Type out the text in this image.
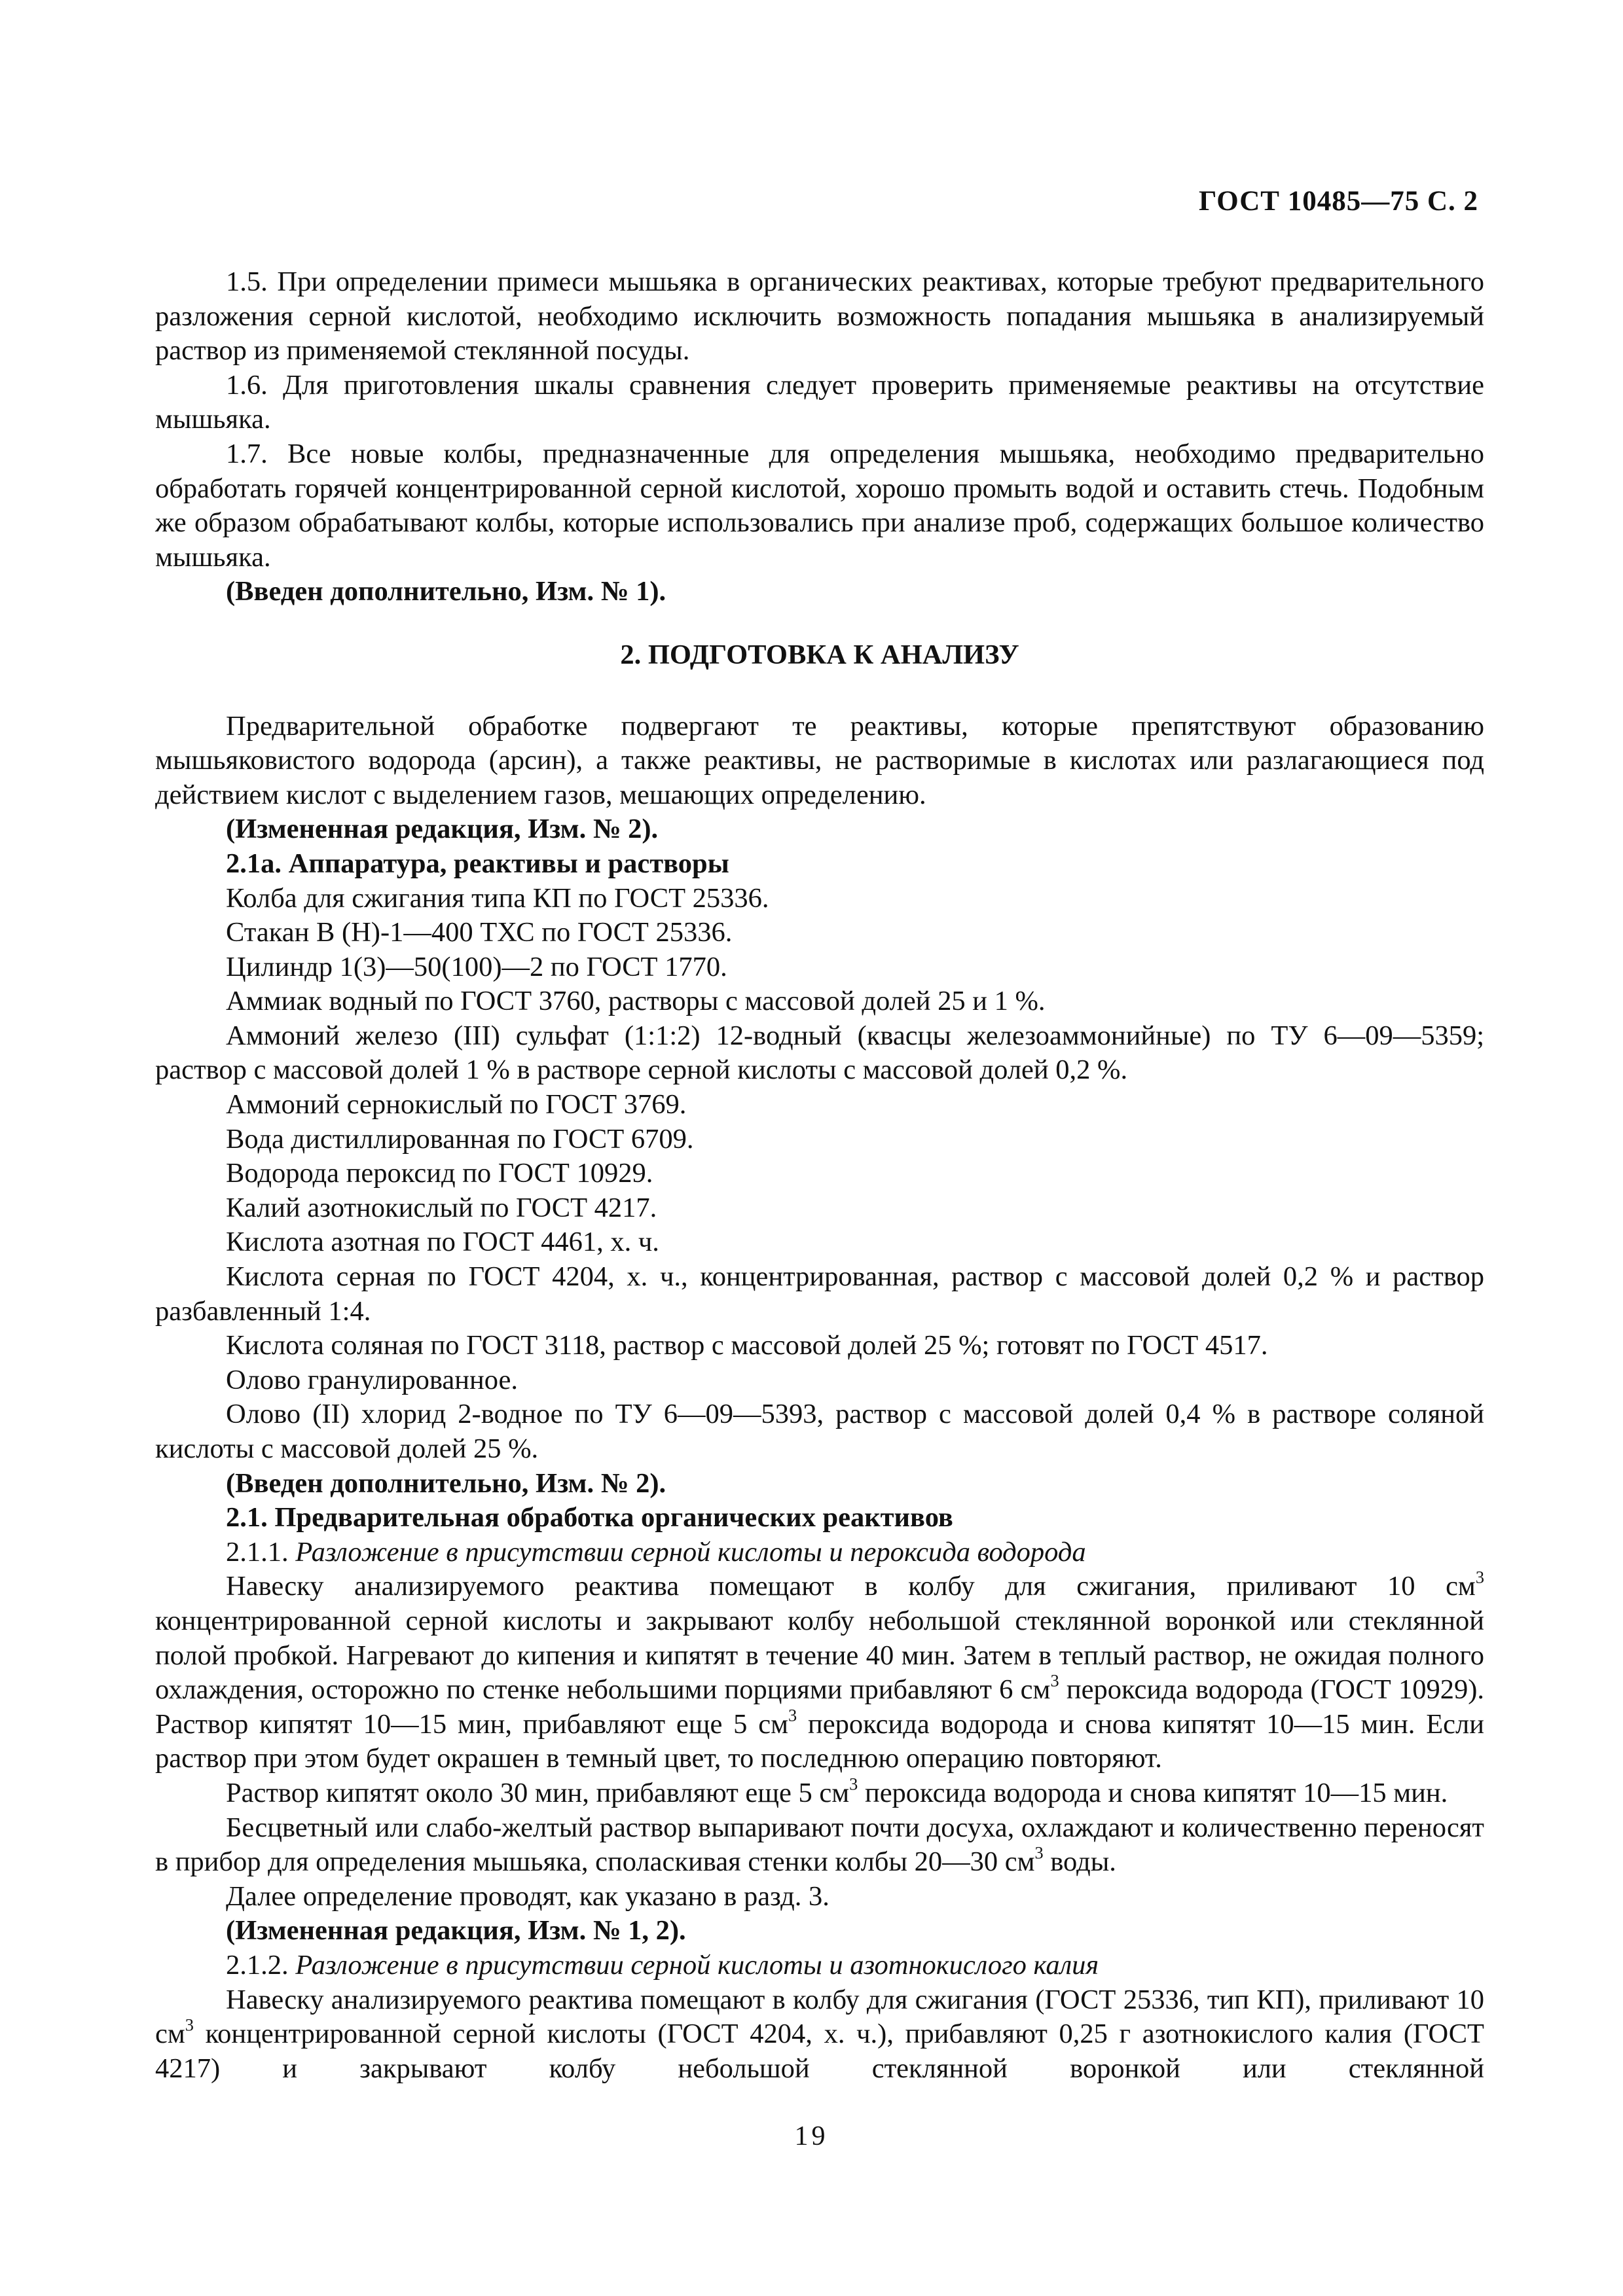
ГОСТ 10485—75 С. 2

1.5. При определении примеси мышьяка в органических реактивах, которые требуют предварительного разложения серной кислотой, необходимо исключить возможность попадания мышьяка в анализируемый раствор из применяемой стеклянной посуды.

1.6. Для приготовления шкалы сравнения следует проверить применяемые реактивы на отсутствие мышьяка.

1.7. Все новые колбы, предназначенные для определения мышьяка, необходимо предварительно обработать горячей концентрированной серной кислотой, хорошо промыть водой и оставить стечь. Подобным же образом обрабатывают колбы, которые использовались при анализе проб, содержащих большое количество мышьяка.

(Введен дополнительно, Изм. № 1).

2. ПОДГОТОВКА К АНАЛИЗУ

Предварительной обработке подвергают те реактивы, которые препятствуют образованию мышьяковистого водорода (арсин), а также реактивы, не растворимые в кислотах или разлагающиеся под действием кислот с выделением газов, мешающих определению.

(Измененная редакция, Изм. № 2).

2.1а. Аппаратура, реактивы и растворы

Колба для сжигания типа КП по ГОСТ 25336.

Стакан В (Н)-1—400 ТХС по ГОСТ 25336.

Цилиндр 1(3)—50(100)—2 по ГОСТ 1770.

Аммиак водный по ГОСТ 3760, растворы с массовой долей 25 и 1 %.

Аммоний железо (III) сульфат (1:1:2) 12-водный (квасцы железоаммонийные) по ТУ 6—09—5359; раствор с массовой долей 1 % в растворе серной кислоты с массовой долей 0,2 %.

Аммоний сернокислый по ГОСТ 3769.

Вода дистиллированная по ГОСТ 6709.

Водорода пероксид по ГОСТ 10929.

Калий азотнокислый по ГОСТ 4217.

Кислота азотная по ГОСТ 4461, х. ч.

Кислота серная по ГОСТ 4204, х. ч., концентрированная, раствор с массовой долей 0,2 % и раствор разбавленный 1:4.

Кислота соляная по ГОСТ 3118, раствор с массовой долей 25 %; готовят по ГОСТ 4517.

Олово гранулированное.

Олово (II) хлорид 2-водное по ТУ 6—09—5393, раствор с массовой долей 0,4 % в растворе соляной кислоты с массовой долей 25 %.

(Введен дополнительно, Изм. № 2).

2.1. Предварительная обработка органических реактивов

2.1.1. Разложение в присутствии серной кислоты и пероксида водорода

Навеску анализируемого реактива помещают в колбу для сжигания, приливают 10 $см^3$ концентрированной серной кислоты и закрывают колбу небольшой стеклянной воронкой или стеклянной полой пробкой. Нагревают до кипения и кипятят в течение 40 мин. Затем в теплый раствор, не ожидая полного охлаждения, осторожно по стенке небольшими порциями прибавляют 6 $см^3$ пероксида водорода (ГОСТ 10929). Раствор кипятят 10—15 мин, прибавляют еще 5 $см^3$ пероксида водорода и снова кипятят 10—15 мин. Если раствор при этом будет окрашен в темный цвет, то последнюю операцию повторяют.

Раствор кипятят около 30 мин, прибавляют еще 5 $см^3$ пероксида водорода и снова кипятят 10—15 мин.

Бесцветный или слабо-желтый раствор выпаривают почти досуха, охлаждают и количественно переносят в прибор для определения мышьяка, споласкивая стенки колбы 20—30 $см^3$ воды.

Далее определение проводят, как указано в разд. 3.

(Измененная редакция, Изм. № 1, 2).

2.1.2. Разложение в присутствии серной кислоты и азотнокислого калия

Навеску анализируемого реактива помещают в колбу для сжигания (ГОСТ 25336, тип КП), приливают 10 $см^3$ концентрированной серной кислоты (ГОСТ 4204, х. ч.), прибавляют 0,25 г азотнокислого калия (ГОСТ 4217) и закрывают колбу небольшой стеклянной воронкой или стеклянной

19
